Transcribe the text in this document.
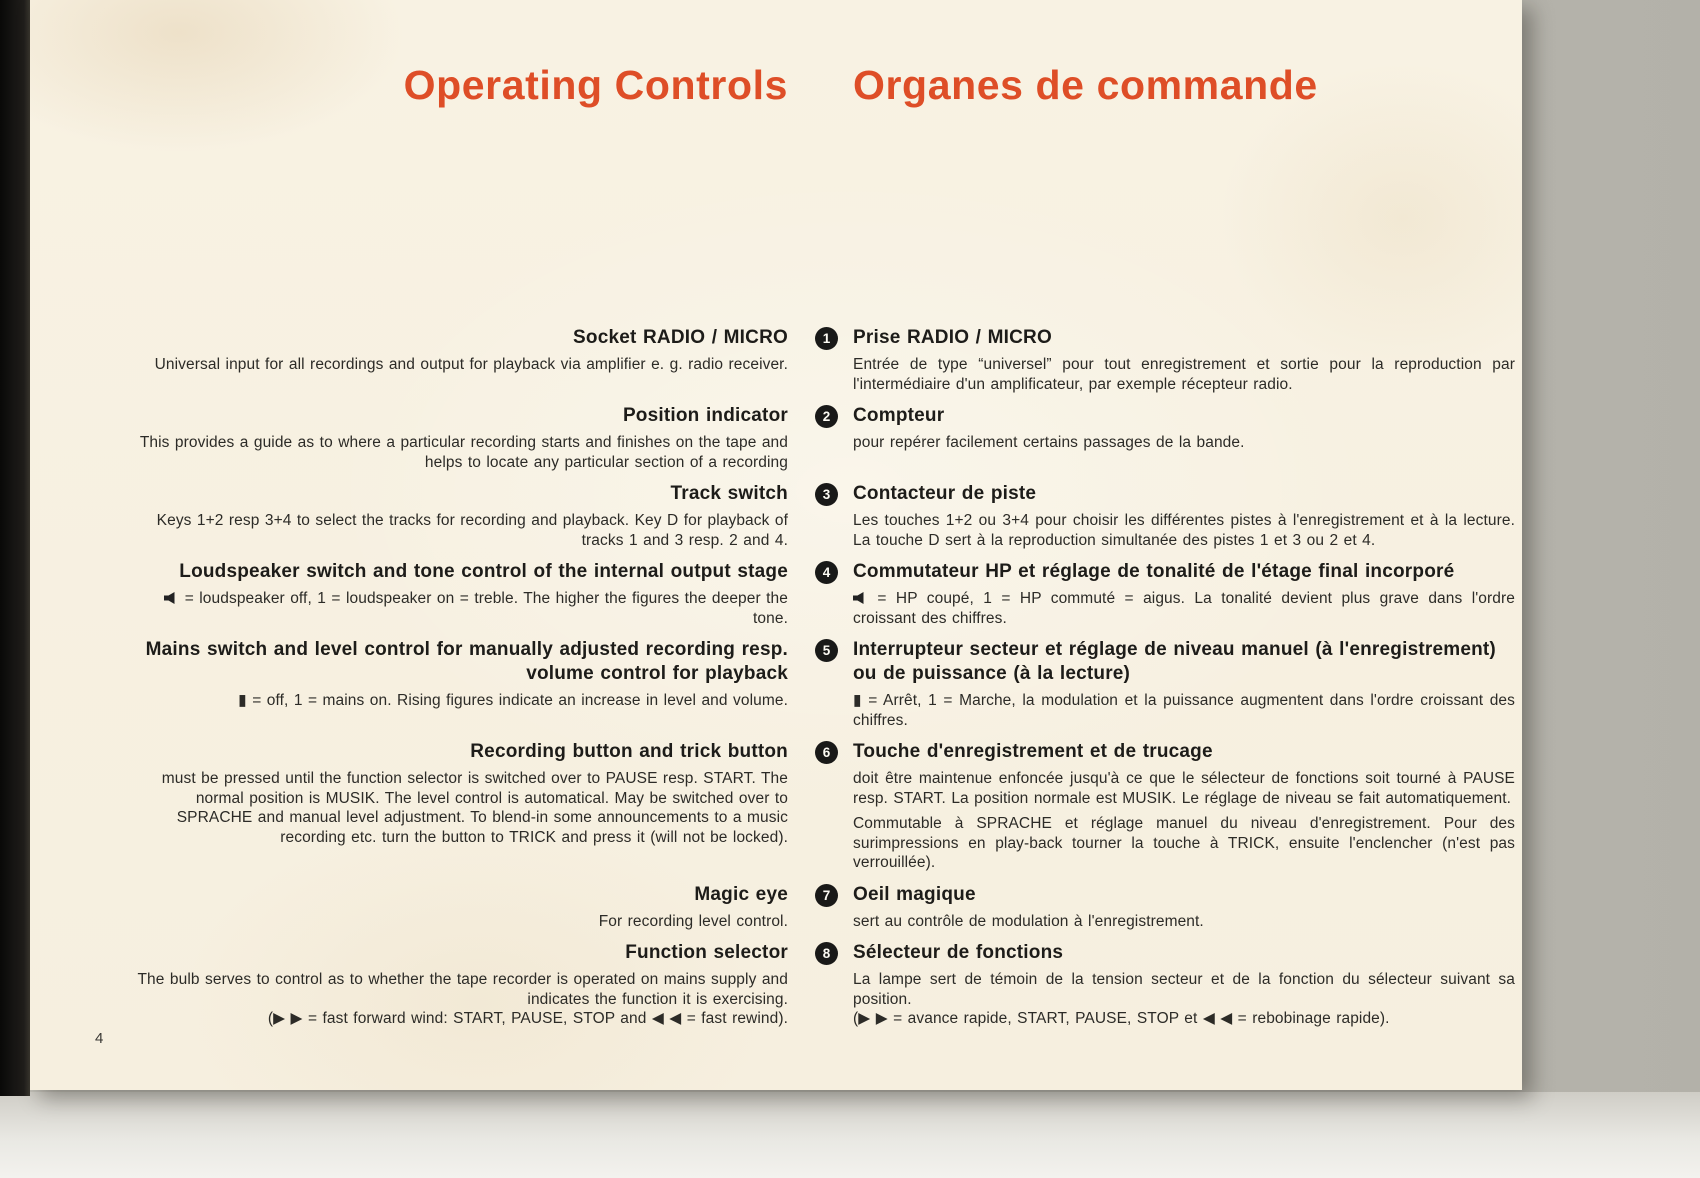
Operating Controls Organes de commande
Socket RADIO / MICRO

Universal input for all recordings and output for playback via amplifier e. g. radio receiver.

1	Prise RADIO / MICRO

Entrée de type “universel” pour tout enregistrement et sortie pour la reproduction par l'intermédiaire d'un amplificateur, par exemple récepteur radio.

Position indicator

This provides a guide as to where a particular recording starts and finishes on the tape and helps to locate any particular section of a recording

2	Compteur

pour repérer facilement certains passages de la bande.

Track switch

Keys 1+2 resp 3+4 to select the tracks for recording and playback. Key D for playback of tracks 1 and 3 resp. 2 and 4.

3	Contacteur de piste

Les touches 1+2 ou 3+4 pour choisir les différentes pistes à l'enregistrement et à la lecture. La touche D sert à la reproduction simultanée des pistes 1 et 3 ou 2 et 4.

Loudspeaker switch and tone control of the internal output stage

= loudspeaker off, 1 = loudspeaker on = treble. The higher the figures the deeper the tone.

4	Commutateur HP et réglage de tonalité de l'étage final incorporé

= HP coupé, 1 = HP commuté = aigus. La tonalité devient plus grave dans l'ordre croissant des chiffres.

Mains switch and level control for manually adjusted recording resp. volume control for playback

▮ = off, 1 = mains on. Rising figures indicate an increase in level and volume.

5	Interrupteur secteur et réglage de niveau manuel (à l'enregistrement) ou de puissance (à la lecture)

▮ = Arrêt, 1 = Marche, la modulation et la puissance augmentent dans l'ordre croissant des chiffres.

Recording button and trick button

must be pressed until the function selector is switched over to PAUSE resp. START. The normal position is MUSIK. The level control is automatical. May be switched over to SPRACHE and manual level adjustment. To blend-in some announcements to a music recording etc. turn the button to TRICK and press it (will not be locked).

6	Touche d'enregistrement et de trucage

doit être maintenue enfoncée jusqu'à ce que le sélecteur de fonctions soit tourné à PAUSE resp. START. La position normale est MUSIK. Le réglage de niveau se fait automatiquement.

Commutable à SPRACHE et réglage manuel du niveau d'enregistrement. Pour des surimpressions en play-back tourner la touche à TRICK, ensuite l'enclencher (n'est pas verrouillée).

Magic eye

For recording level control.

7	Oeil magique

sert au contrôle de modulation à l'enregistrement.

Function selector

The bulb serves to control as to whether the tape recorder is operated on mains supply and indicates the function it is exercising.

(▶ ▶ = fast forward wind: START, PAUSE, STOP and ◀ ◀ = fast rewind).

8	Sélecteur de fonctions

La lampe sert de témoin de la tension secteur et de la fonction du sélecteur suivant sa position.

(▶ ▶ = avance rapide, START, PAUSE, STOP et ◀ ◀ = rebobinage rapide).

4
